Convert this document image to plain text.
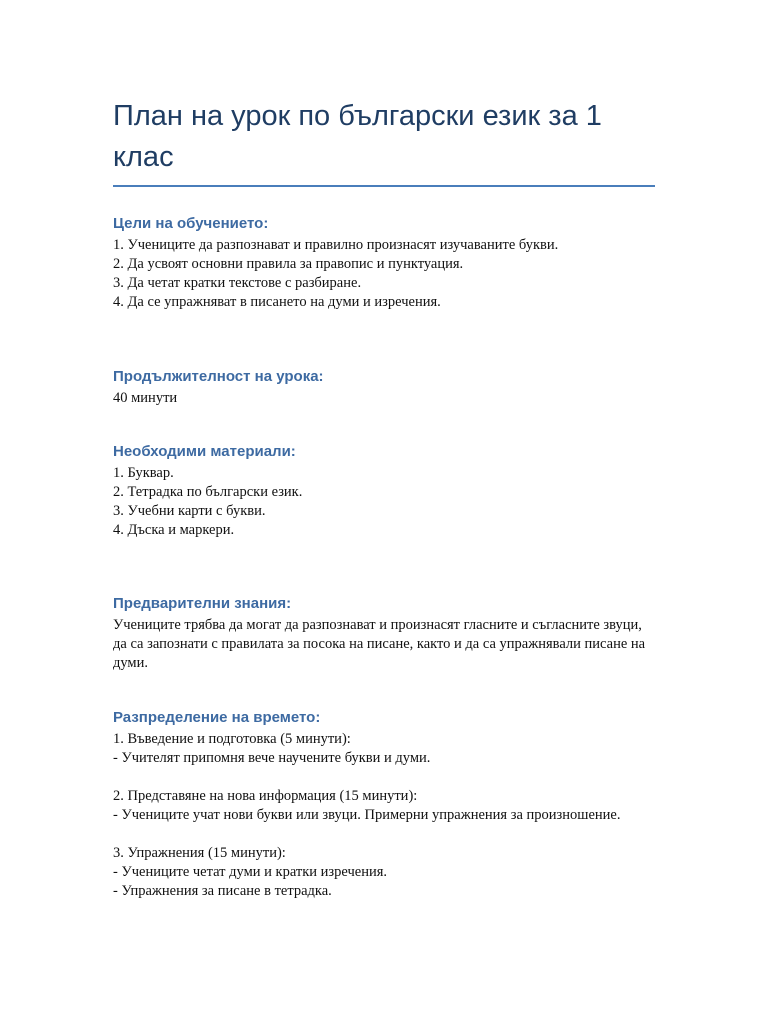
План на урок по български език за 1 клас
Цели на обучението:
1. Учениците да разпознават и правилно произнасят изучаваните букви.
2. Да усвоят основни правила за правопис и пунктуация.
3. Да четат кратки текстове с разбиране.
4. Да се упражняват в писането на думи и изречения.
Продължителност на урока:
40 минути
Необходими материали:
1. Буквар.
2. Тетрадка по български език.
3. Учебни карти с букви.
4. Дъска и маркери.
Предварителни знания:
Учениците трябва да могат да разпознават и произнасят гласните и съгласните звуци, да са запознати с правилата за посока на писане, както и да са упражнявали писане на думи.
Разпределение на времето:
1. Въведение и подготовка (5 минути):
- Учителят припомня вече научените букви и думи.
2. Представяне на нова информация (15 минути):
- Учениците учат нови букви или звуци. Примерни упражнения за произношение.
3. Упражнения (15 минути):
- Учениците четат думи и кратки изречения.
- Упражнения за писане в тетрадка.
